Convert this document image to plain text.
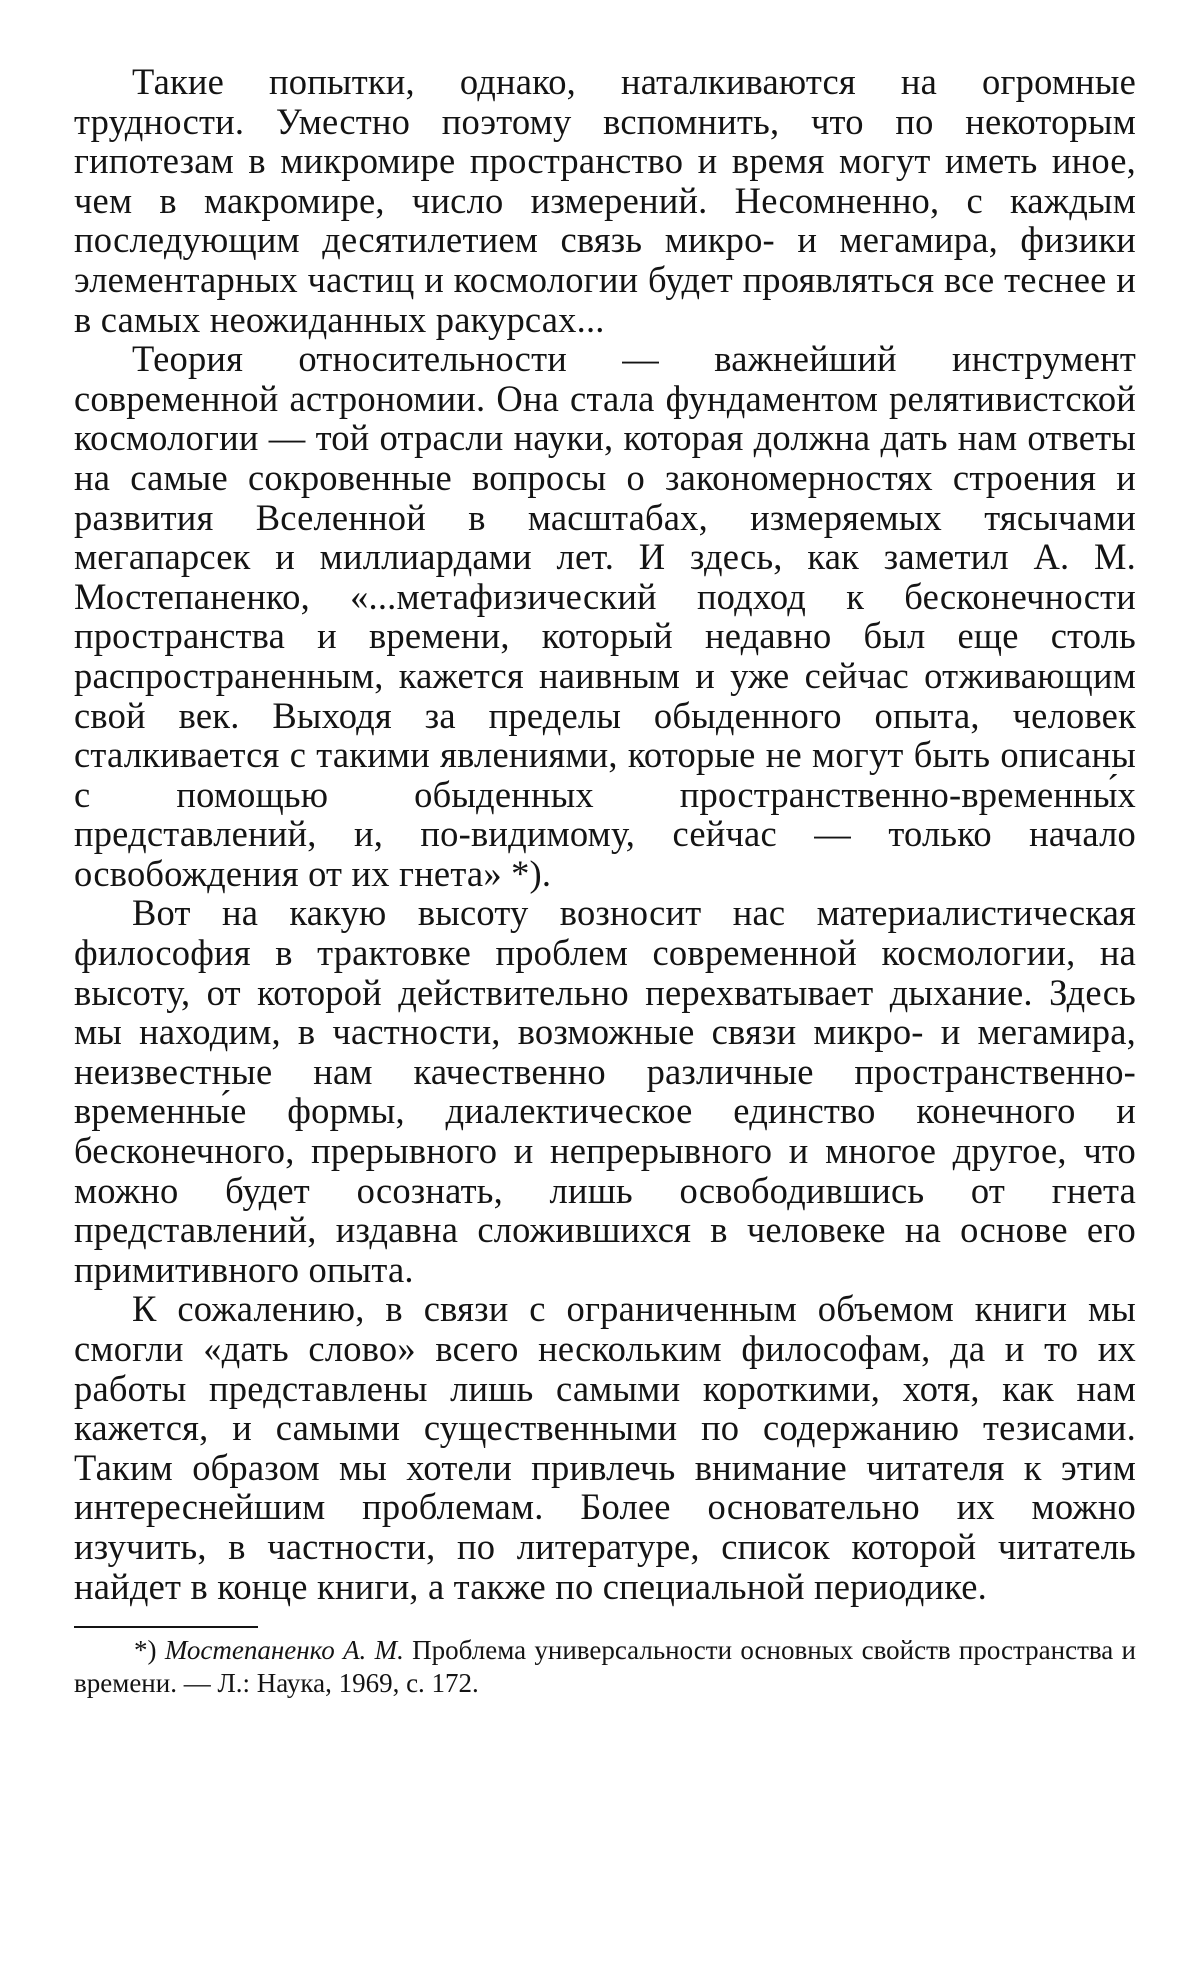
Такие попытки, однако, наталкиваются на огромные трудности. Уместно поэтому вспомнить, что по некоторым гипотезам в микромире пространство и время могут иметь иное, чем в макромире, число измерений. Несомненно, с каждым последующим десятилетием связь микро- и мегамира, физики элементарных частиц и космологии будет проявляться все теснее и в самых неожиданных ракурсах...

Теория относительности — важнейший инструмент современной астрономии. Она стала фундаментом релятивистской космологии — той отрасли науки, которая должна дать нам ответы на самые сокровенные вопросы о закономерностях строения и развития Вселенной в масштабах, измеряемых тясычами мегапарсек и миллиардами лет. И здесь, как заметил А. М. Мостепаненко, «...метафизический подход к бесконечности пространства и времени, который недавно был еще столь распространенным, кажется наивным и уже сейчас отживающим свой век. Выходя за пределы обыденного опыта, человек сталкивается с такими явлениями, которые не могут быть описаны с помощью обыденных пространственно-временны́х представлений, и, по-видимому, сейчас — только начало освобождения от их гнета» *).

Вот на какую высоту возносит нас материалистическая философия в трактовке проблем современной космологии, на высоту, от которой действительно перехватывает дыхание. Здесь мы находим, в частности, возможные связи микро- и мегамира, неизвестные нам качественно различные пространственно-временны́е формы, диалектическое единство конечного и бесконечного, прерывного и непрерывного и многое другое, что можно будет осознать, лишь освободившись от гнета представлений, издавна сложившихся в человеке на основе его примитивного опыта.

К сожалению, в связи с ограниченным объемом книги мы смогли «дать слово» всего нескольким философам, да и то их работы представлены лишь самыми короткими, хотя, как нам кажется, и самыми существенными по содержанию тезисами. Таким образом мы хотели привлечь внимание читателя к этим интереснейшим проблемам. Более основательно их можно изучить, в частности, по литературе, список которой читатель найдет в конце книги, а также по специальной периодике.

*) Мостепаненко А. М. Проблема универсальности основных свойств пространства и времени. — Л.: Наука, 1969, с. 172.
